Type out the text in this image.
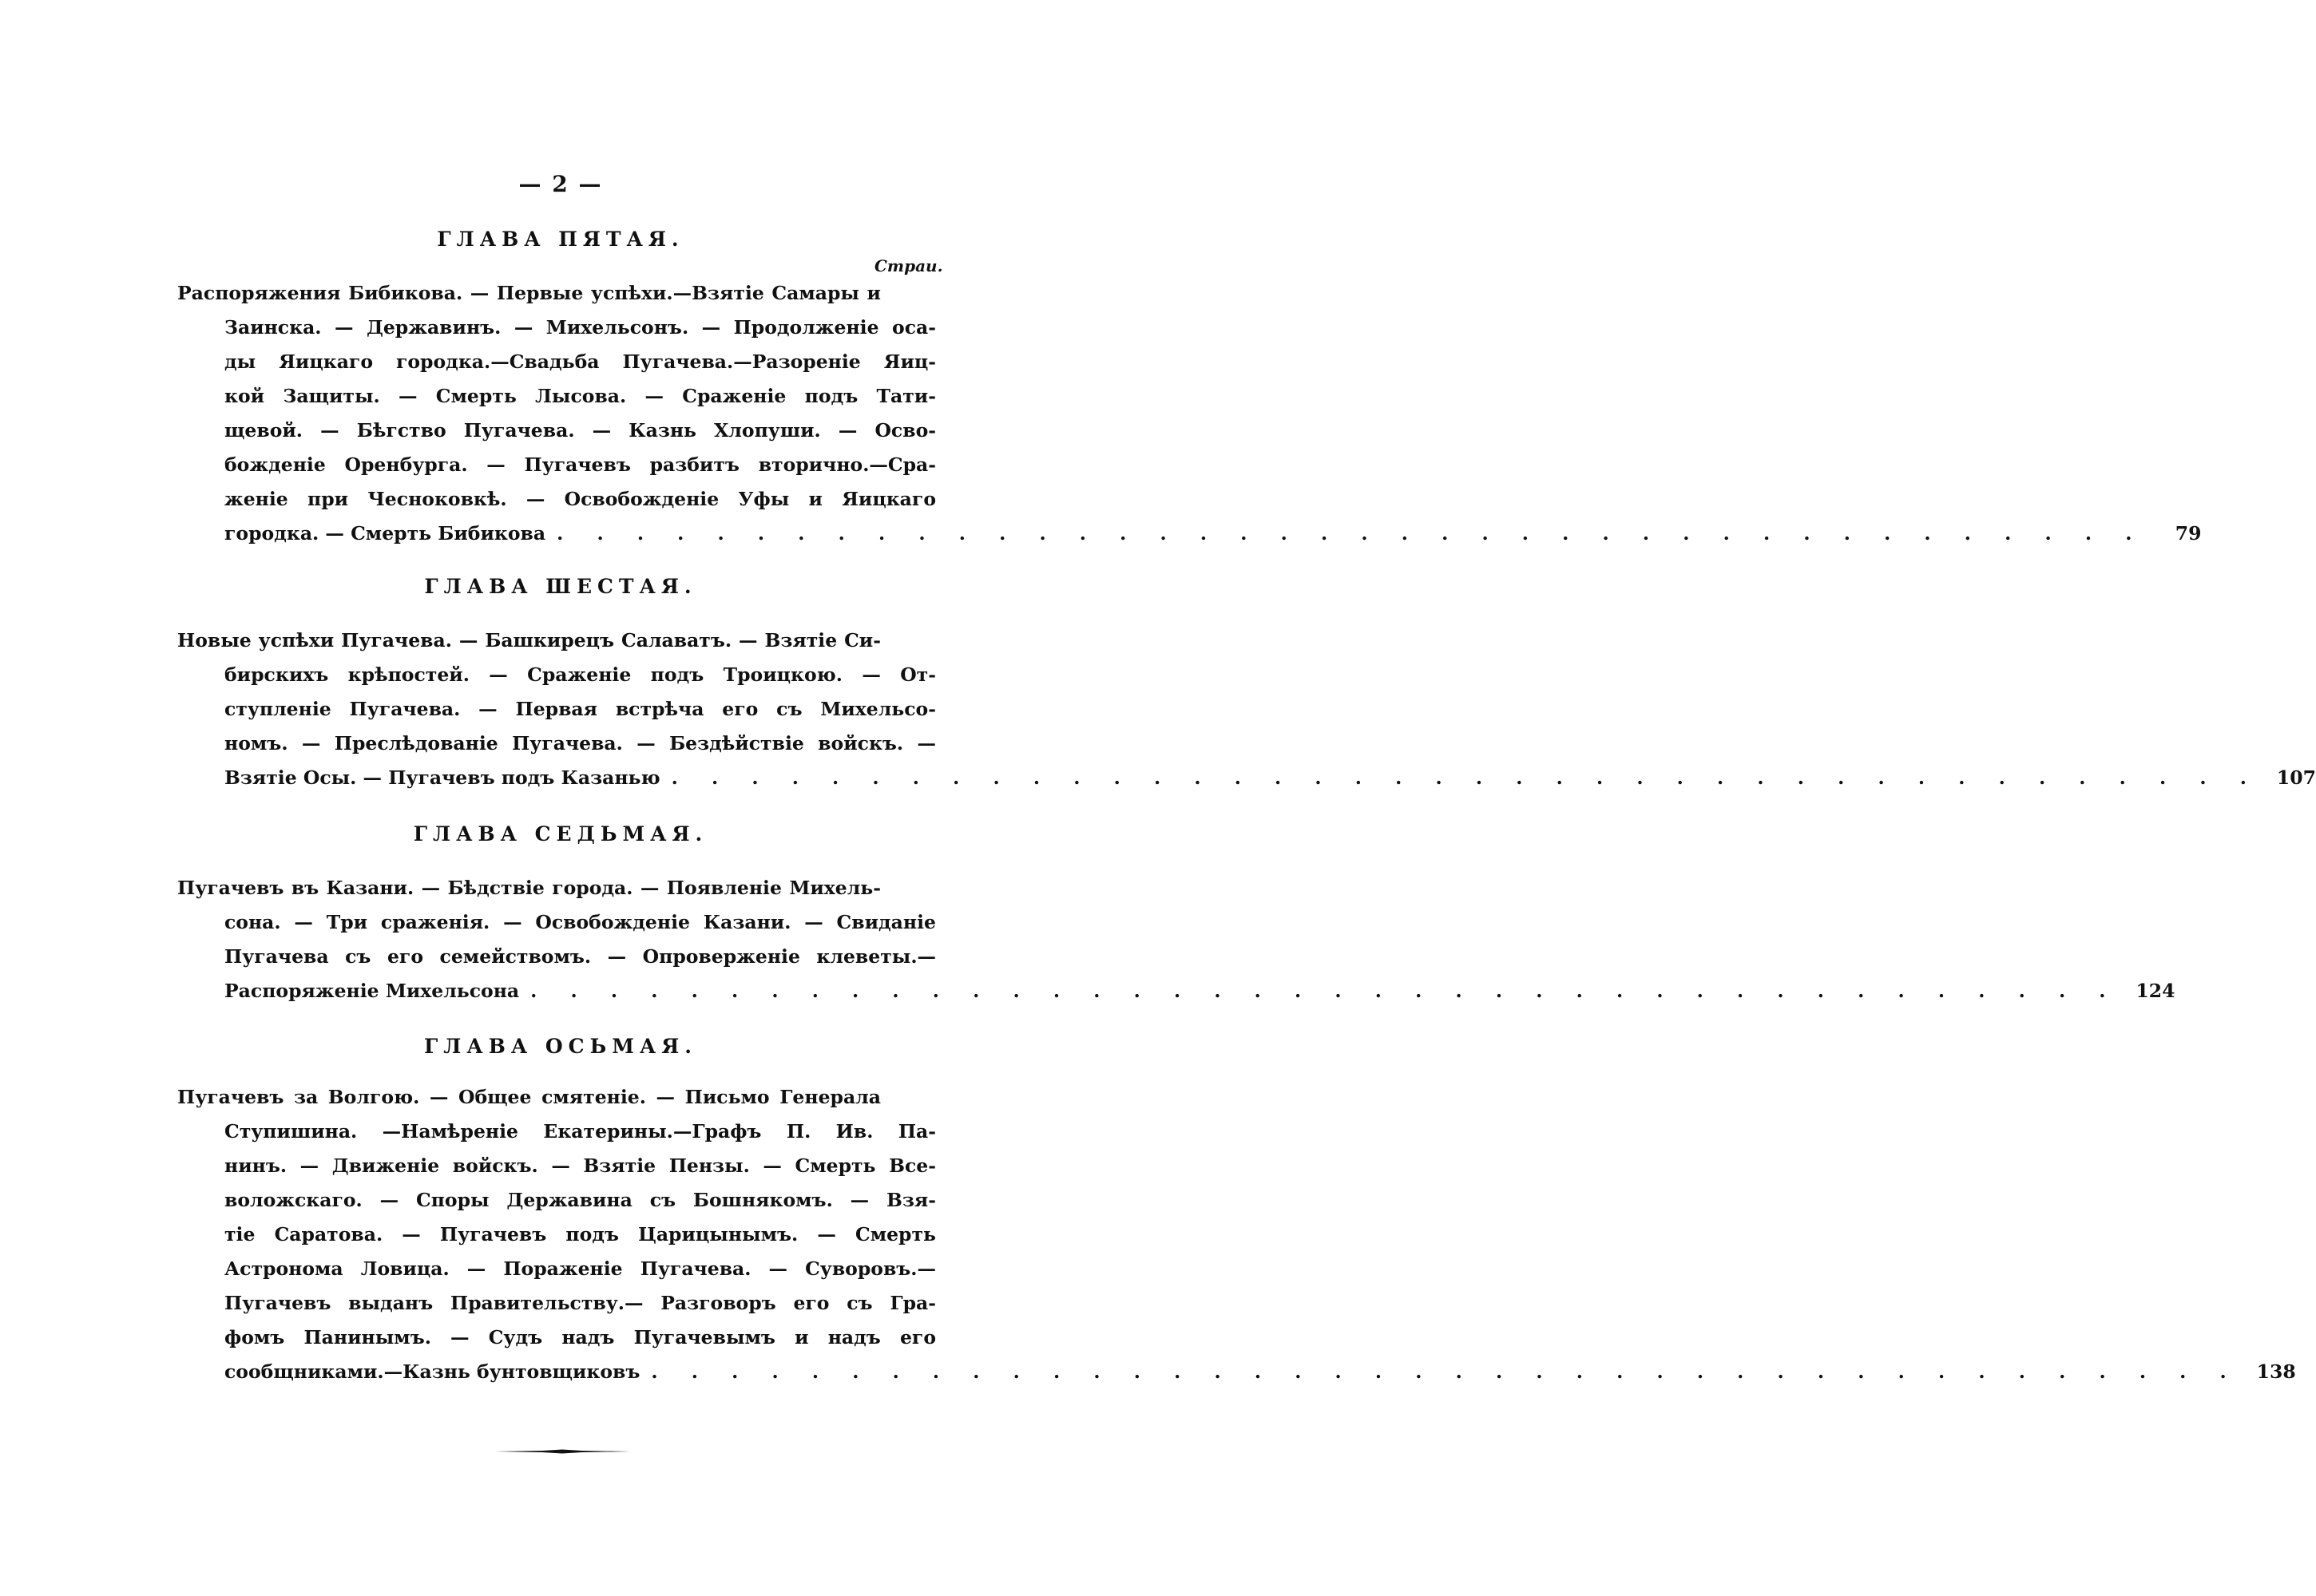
— 2 —
Страи.
ГЛАВА ПЯТАЯ.
Распоряжения Бибикова. — Первые успѣхи.—Взятіе Самары и
Заинска. — Державинъ. — Михельсонъ. — Продолженіе оса-
ды Яицкаго городка.—Свадьба Пугачева.—Разореніе Яиц-
кой Защиты. — Смерть Лысова. — Сраженіе подъ Тати-
щевой. — Бѣгство Пугачева. — Казнь Хлопуши. — Осво-
божденіе Оренбурга. — Пугачевъ разбитъ вторично.—Сра-
женіе при Чесноковкѣ. — Освобожденіе Уфы и Яицкаго
городка. — Смерть Бибикова . . . . . . . . . . . . . . . . . . . . . . . . . . . . . . . . . . . . . . . .	79
ГЛАВА ШЕСТАЯ.
Новые успѣхи Пугачева. — Башкирецъ Салаватъ. — Взятіе Си-
бирскихъ крѣпостей. — Сраженіе подъ Троицкою. — От-
ступленіе Пугачева. — Первая встрѣча его съ Михельсо-
номъ. — Преслѣдованіе Пугачева. — Бездѣйствіе войскъ. —
Взятіе Осы. — Пугачевъ подъ Казанью . . . . . . . . . . . . . . . . . . . . . . . . . . . . . . . . . . . . . . . . 107
ГЛАВА СЕДЬМАЯ.
Пугачевъ въ Казани. — Бѣдствіе города. — Появленіе Михель-
сона. — Три сраженія. — Освобожденіе Казани. — Свиданіе
Пугачева съ его семействомъ. — Опроверженіе клеветы.—
Распоряженіе Михельсона . . . . . . . . . . . . . . . . . . . . . . . . . . . . . . . . . . . . . . . . 124
ГЛАВА ОСЬМАЯ.
Пугачевъ за Волгою. — Общее смятеніе. — Письмо Генерала
Ступишина. —Намѣреніе Екатерины.—Графъ П. Ив. Па-
нинъ. — Движеніе войскъ. — Взятіе Пензы. — Смерть Все-
воложскаго. — Споры Державина съ Бошнякомъ. — Взя-
тіе Саратова. — Пугачевъ подъ Царицынымъ. — Смерть
Астронома Ловица. — Пораженіе Пугачева. — Суворовъ.—
Пугачевъ выданъ Правительству.— Разговоръ его съ Гра-
фомъ Панинымъ. — Судъ надъ Пугачевымъ и надъ его
сообщниками.—Казнь бунтовщиковъ . . . . . . . . . . . . . . . . . . . . . . . . . . . . . . . . . . . . . . . . 138
